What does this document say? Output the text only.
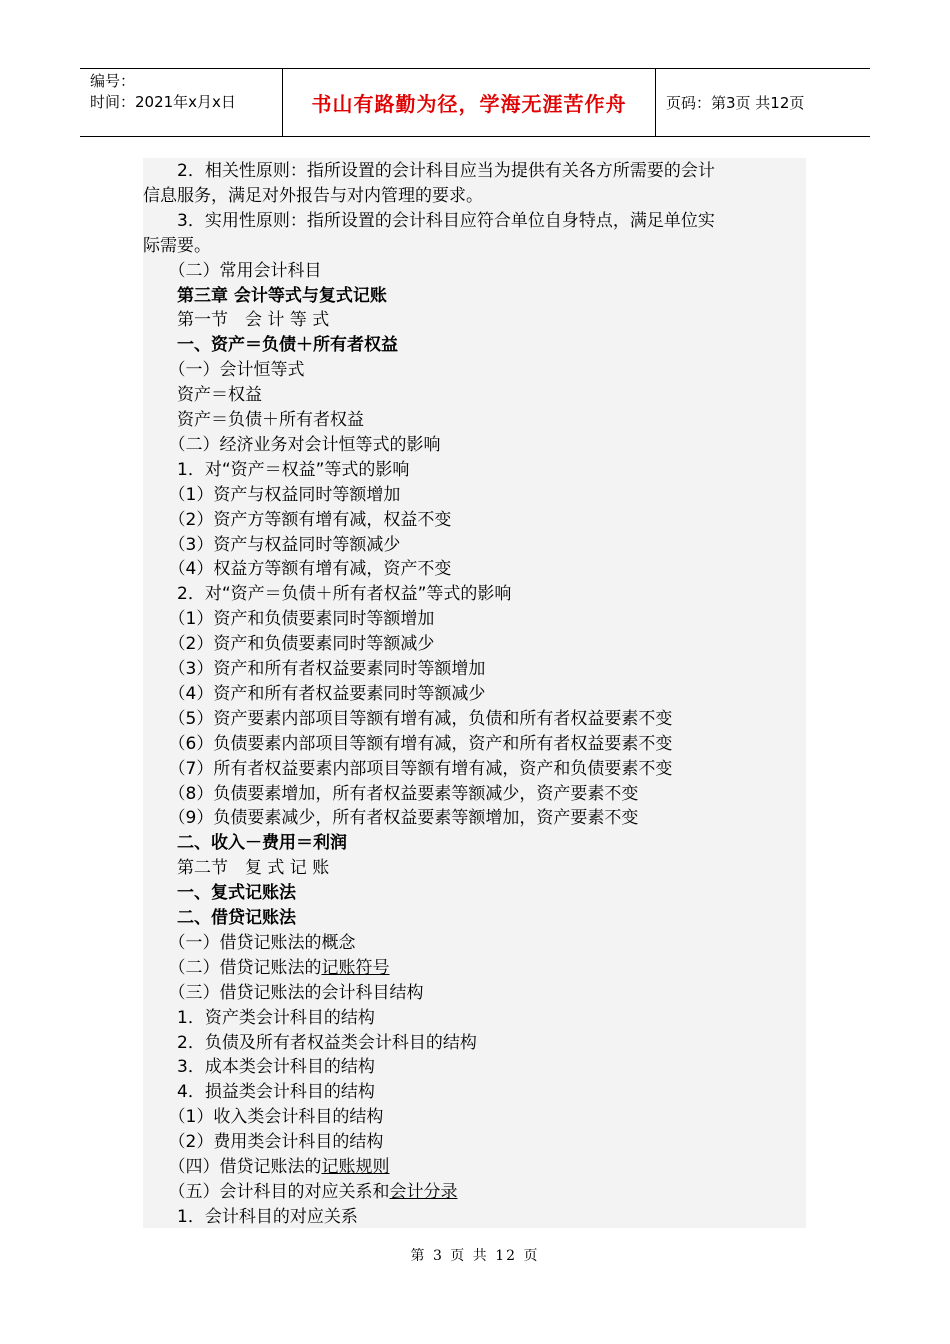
编号：
时间：2021年x月x日	书山有路勤为径，学海无涯苦作舟	页码：第3页 共12页
　　2．相关性原则：指所设置的会计科目应当为提供有关各方所需要的会计
信息服务，满足对外报告与对内管理的要求。
　　3．实用性原则：指所设置的会计科目应符合单位自身特点，满足单位实
际需要。
　　（二）常用会计科目
　　第三章 会计等式与复式记账
　　第一节　会 计 等 式
　　一、资产＝负债＋所有者权益
　　（一）会计恒等式
　　资产＝权益
　　资产＝负债＋所有者权益
　　（二）经济业务对会计恒等式的影响
　　1．对“资产＝权益”等式的影响
　　（1）资产与权益同时等额增加
　　（2）资产方等额有增有减，权益不变
　　（3）资产与权益同时等额减少
　　（4）权益方等额有增有减，资产不变
　　2．对“资产＝负债＋所有者权益”等式的影响
　　（1）资产和负债要素同时等额增加
　　（2）资产和负债要素同时等额减少
　　（3）资产和所有者权益要素同时等额增加
　　（4）资产和所有者权益要素同时等额减少
　　（5）资产要素内部项目等额有增有减，负债和所有者权益要素不变
　　（6）负债要素内部项目等额有增有减，资产和所有者权益要素不变
　　（7）所有者权益要素内部项目等额有增有减，资产和负债要素不变
　　（8）负债要素增加，所有者权益要素等额减少，资产要素不变
　　（9）负债要素减少，所有者权益要素等额增加，资产要素不变
　　二、收入－费用＝利润
　　第二节　复 式 记 账
　　一、复式记账法
　　二、借贷记账法
　　（一）借贷记账法的概念
　　（二）借贷记账法的记账符号
　　（三）借贷记账法的会计科目结构
　　1．资产类会计科目的结构
　　2．负债及所有者权益类会计科目的结构
　　3．成本类会计科目的结构
　　4．损益类会计科目的结构
　　（1）收入类会计科目的结构
　　（2）费用类会计科目的结构
　　（四）借贷记账法的记账规则
　　（五）会计科目的对应关系和会计分录
　　1．会计科目的对应关系
第 3 页 共 12 页
